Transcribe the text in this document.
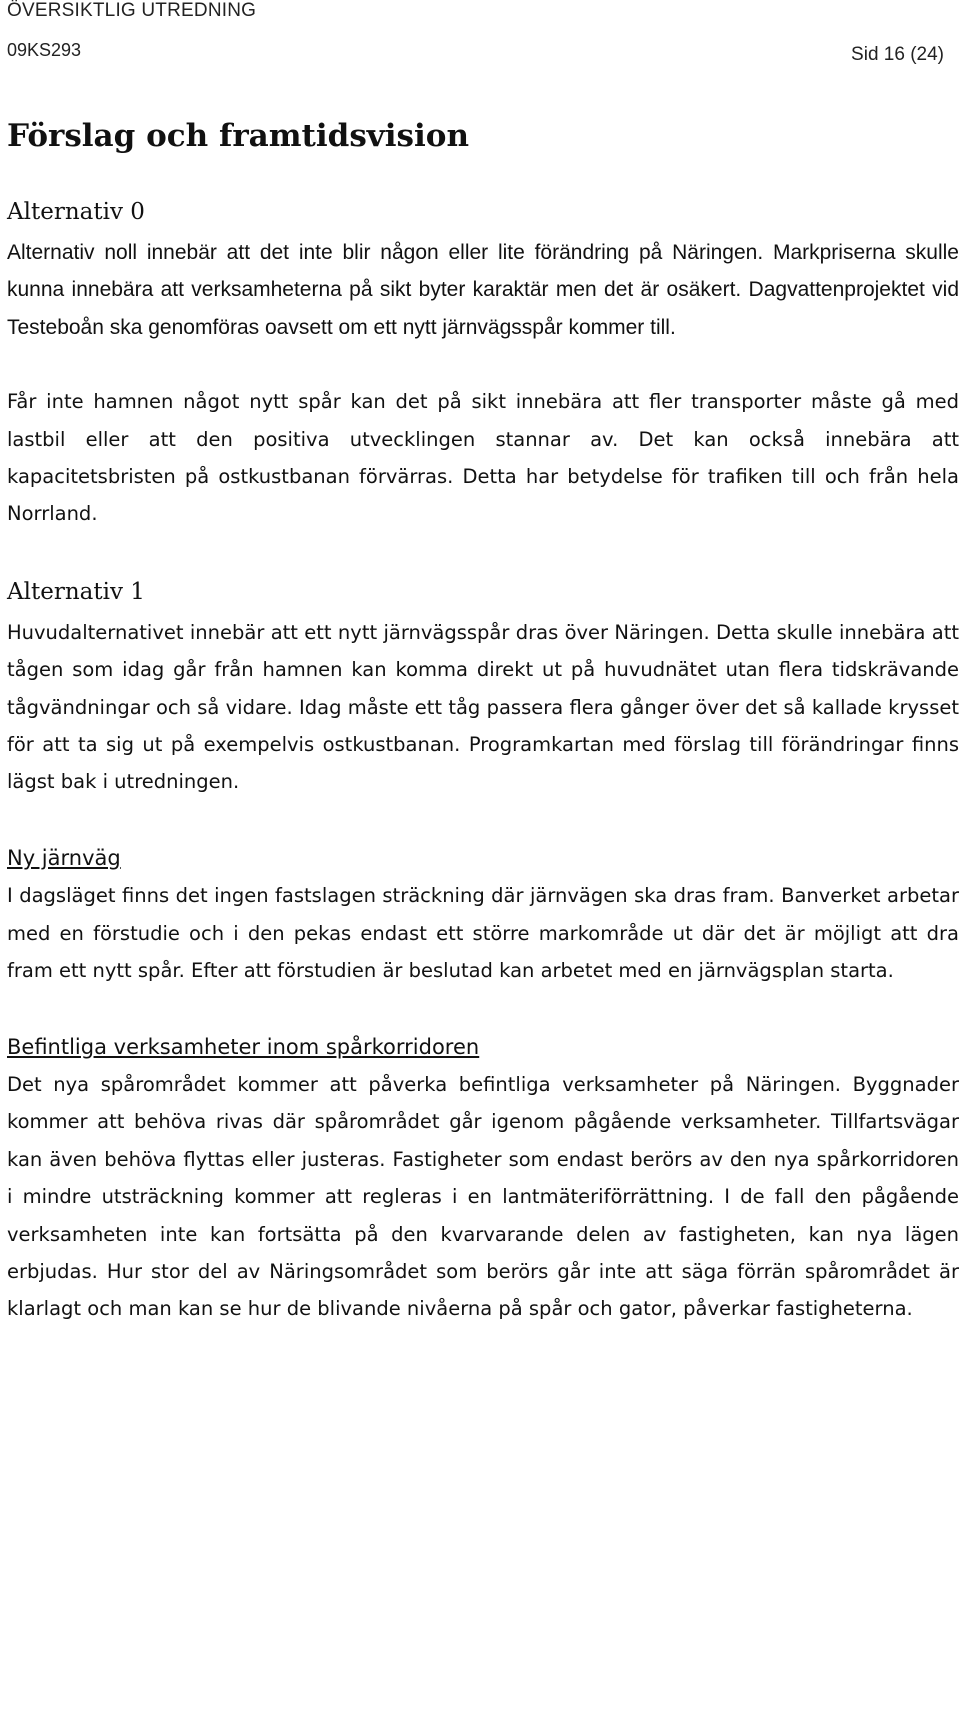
ÖVERSIKTLIG UTREDNING
09KS293	Sid 16 (24)
Förslag och framtidsvision
Alternativ 0

Alternativ noll innebär att det inte blir någon eller lite förändring på Näringen. Markpriserna skulle kunna innebära att verksamheterna på sikt byter karaktär men det är osäkert. Dagvattenprojektet vid Testeboån ska genomföras oavsett om ett nytt järnvägsspår kommer till.

Får inte hamnen något nytt spår kan det på sikt innebära att fler transporter måste gå med lastbil eller att den positiva utvecklingen stannar av. Det kan också innebära att kapacitetsbristen på ostkustbanan förvärras. Detta har betydelse för trafiken till och från hela Norrland.

Alternativ 1

Huvudalternativet innebär att ett nytt järnvägsspår dras över Näringen. Detta skulle innebära att tågen som idag går från hamnen kan komma direkt ut på huvudnätet utan flera tidskrävande tågvändningar och så vidare. Idag måste ett tåg passera flera gånger över det så kallade krysset för att ta sig ut på exempelvis ostkustbanan. Programkartan med förslag till förändringar finns lägst bak i utredningen.

Ny järnväg

I dagsläget finns det ingen fastslagen sträckning där järnvägen ska dras fram. Banverket arbetar med en förstudie och i den pekas endast ett större markområde ut där det är möjligt att dra fram ett nytt spår. Efter att förstudien är beslutad kan arbetet med en järnvägsplan starta.

Befintliga verksamheter inom spårkorridoren

Det nya spårområdet kommer att påverka befintliga verksamheter på Näringen. Byggnader kommer att behöva rivas där spårområdet går igenom pågående verksamheter. Tillfartsvägar kan även behöva flyttas eller justeras. Fastigheter som endast berörs av den nya spårkorridoren i mindre utsträckning kommer att regleras i en lantmäteriförrättning. I de fall den pågående verksamheten inte kan fortsätta på den kvarvarande delen av fastigheten, kan nya lägen erbjudas. Hur stor del av Näringsområdet som berörs går inte att säga förrän spårområdet är klarlagt och man kan se hur de blivande nivåerna på spår och gator, påverkar fastigheterna.
